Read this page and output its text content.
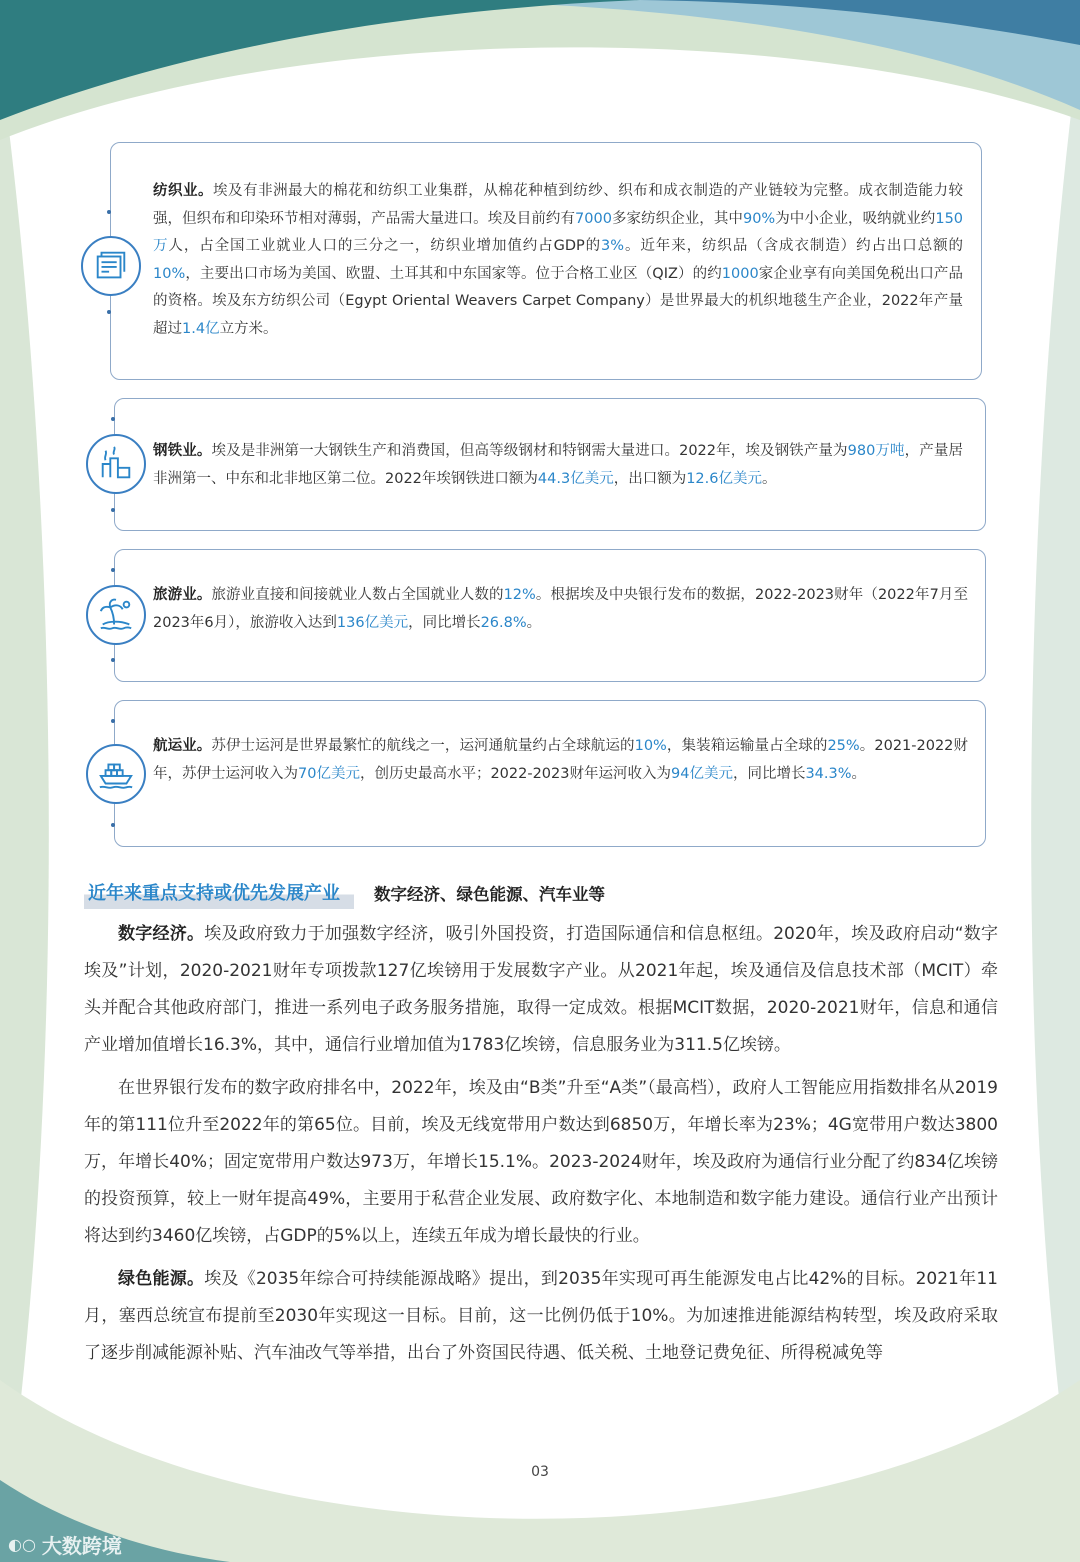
纺织业。埃及有非洲最大的棉花和纺织工业集群，从棉花种植到纺纱、织布和成衣制造的产业链较为完整。成衣制造能力较强，但织布和印染环节相对薄弱，产品需大量进口。埃及目前约有7000多家纺织企业，其中90%为中小企业，吸纳就业约150万人，占全国工业就业人口的三分之一，纺织业增加值约占GDP的3%。近年来，纺织品（含成衣制造）约占出口总额的10%，主要出口市场为美国、欧盟、土耳其和中东国家等。位于合格工业区（QIZ）的约1000家企业享有向美国免税出口产品的资格。埃及东方纺织公司（Egypt Oriental Weavers Carpet Company）是世界最大的机织地毯生产企业，2022年产量超过1.4亿立方米。
钢铁业。埃及是非洲第一大钢铁生产和消费国，但高等级钢材和特钢需大量进口。2022年，埃及钢铁产量为980万吨，产量居非洲第一、中东和北非地区第二位。2022年埃钢铁进口额为44.3亿美元，出口额为12.6亿美元。
旅游业。旅游业直接和间接就业人数占全国就业人数的12%。根据埃及中央银行发布的数据，2022-2023财年（2022年7月至2023年6月），旅游收入达到136亿美元，同比增长26.8%。
航运业。苏伊士运河是世界最繁忙的航线之一，运河通航量约占全球航运的10%，集装箱运输量占全球的25%。2021-2022财年，苏伊士运河收入为70亿美元，创历史最高水平；2022-2023财年运河收入为94亿美元，同比增长34.3%。
近年来重点支持或优先发展产业	数字经济、绿色能源、汽车业等

数字经济。埃及政府致力于加强数字经济，吸引外国投资，打造国际通信和信息枢纽。2020年，埃及政府启动“数字埃及”计划，2020-2021财年专项拨款127亿埃镑用于发展数字产业。从2021年起，埃及通信及信息技术部（MCIT）牵头并配合其他政府部门，推进一系列电子政务服务措施，取得一定成效。根据MCIT数据，2020-2021财年，信息和通信产业增加值增长16.3%，其中，通信行业增加值为1783亿埃镑，信息服务业为311.5亿埃镑。

在世界银行发布的数字政府排名中，2022年，埃及由“B类”升至“A类”（最高档），政府人工智能应用指数排名从2019年的第111位升至2022年的第65位。目前，埃及无线宽带用户数达到6850万，年增长率为23%；4G宽带用户数达3800万，年增长40%；固定宽带用户数达973万，年增长15.1%。2023-2024财年，埃及政府为通信行业分配了约834亿埃镑的投资预算，较上一财年提高49%，主要用于私营企业发展、政府数字化、本地制造和数字能力建设。通信行业产出预计将达到约3460亿埃镑，占GDP的5%以上，连续五年成为增长最快的行业。

绿色能源。埃及《2035年综合可持续能源战略》提出，到2035年实现可再生能源发电占比42%的目标。2021年11月，塞西总统宣布提前至2030年实现这一目标。目前，这一比例仍低于10%。为加速推进能源结构转型，埃及政府采取了逐步削减能源补贴、汽车油改气等举措，出台了外资国民待遇、低关税、土地登记费免征、所得税减免等

03
◐○ 大数跨境
